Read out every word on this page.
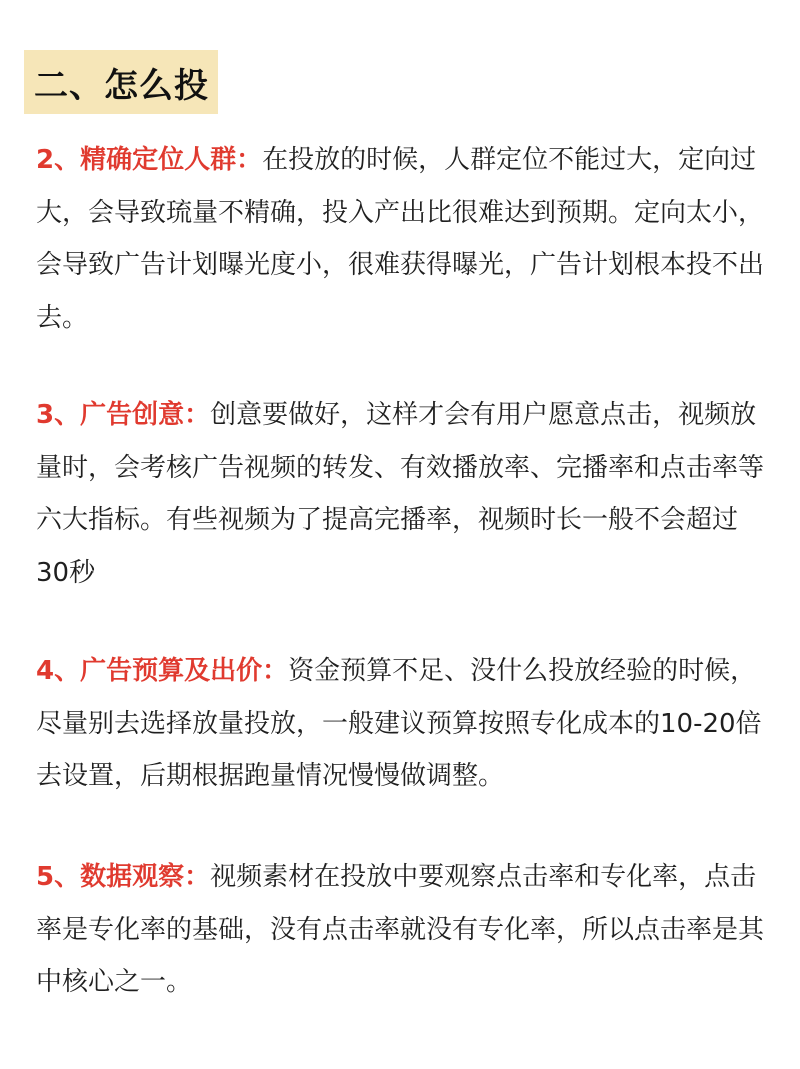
二、怎么投
2、精确定位人群：在投放的时候，人群定位不能过大，定向过大，会导致琉量不精确，投入产出比很难达到预期。定向太小，会导致广告计划曝光度小，很难获得曝光，广告计划根本投不出去。
3、广告创意：创意要做好，这样才会有用户愿意点击，视频放量时，会考核广告视频的转发、有效播放率、完播率和点击率等六大指标。有些视频为了提高完播率，视频时长一般不会超过30秒
4、广告预算及出价：资金预算不足、没什么投放经验的时候，尽量别去选择放量投放，一般建议预算按照专化成本的10-20倍去设置，后期根据跑量情况慢慢做调整。
5、数据观察：视频素材在投放中要观察点击率和专化率，点击率是专化率的基础，没有点击率就没有专化率，所以点击率是其中核心之一。
